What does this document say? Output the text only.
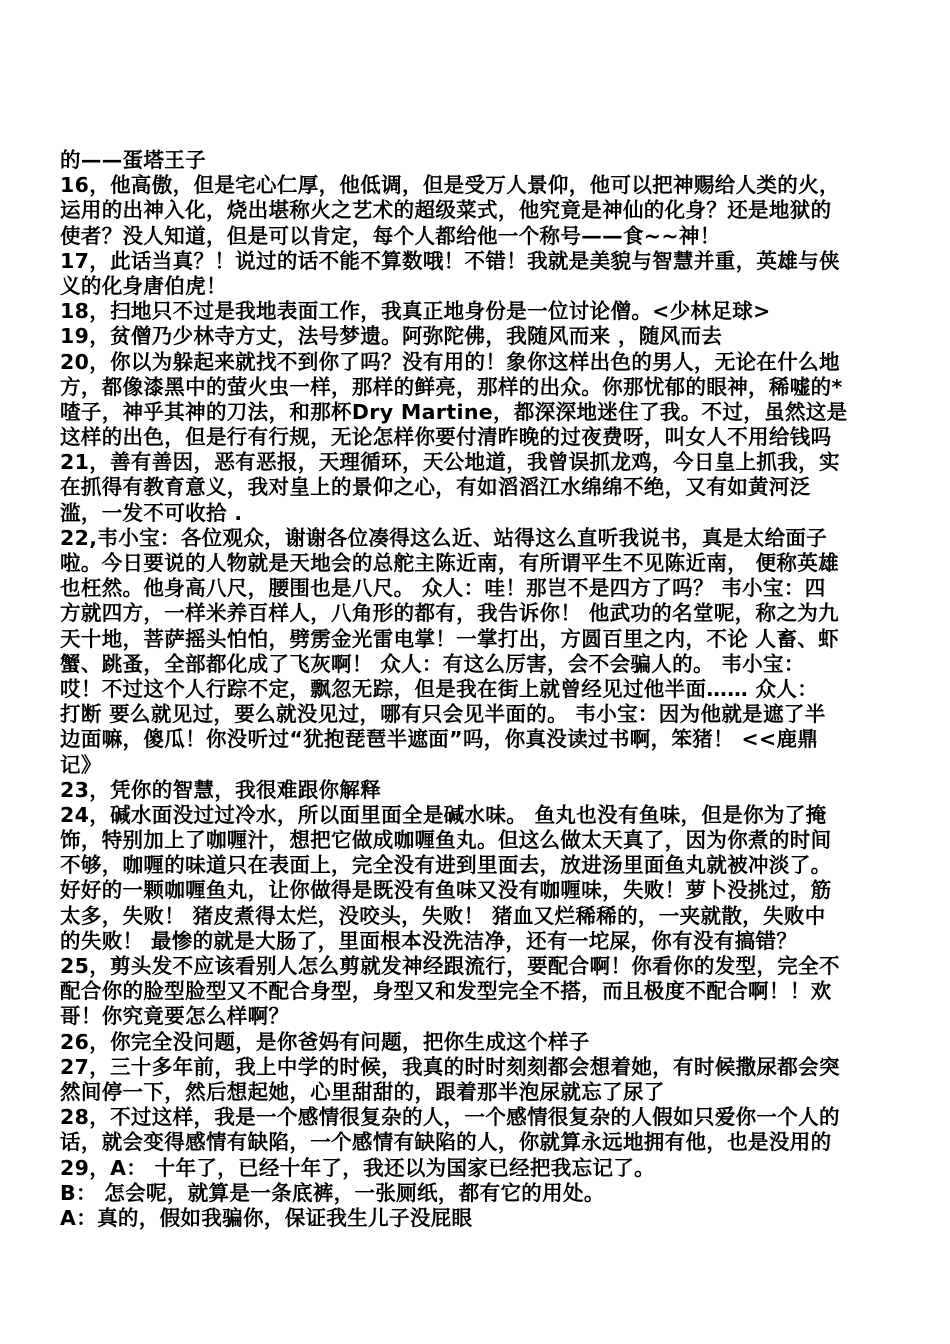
的——蛋塔王子
16，他高傲，但是宅心仁厚，他低调，但是受万人景仰，他可以把神赐给人类的火，
运用的出神入化，烧出堪称火之艺术的超级菜式，他究竟是神仙的化身？还是地狱的
使者？没人知道，但是可以肯定，每个人都给他一个称号——食~~神！
17，此话当真？！说过的话不能不算数哦！不错！我就是美貌与智慧并重，英雄与侠
义的化身唐伯虎！
18，扫地只不过是我地表面工作，我真正地身份是一位讨论僧。<少林足球>
19，贫僧乃少林寺方丈，法号梦遗。阿弥陀佛，我随风而来 ，随风而去
20，你以为躲起来就找不到你了吗？没有用的！象你这样出色的男人，无论在什么地
方，都像漆黑中的萤火虫一样，那样的鲜亮，那样的出众。你那忧郁的眼神，稀嘘的*
喳子，神乎其神的刀法，和那杯Dry Martine，都深深地迷住了我。不过，虽然这是
这样的出色，但是行有行规，无论怎样你要付清昨晚的过夜费呀，叫女人不用给钱吗
21，善有善因，恶有恶报，天理循环，天公地道，我曾误抓龙鸡，今日皇上抓我，实
在抓得有教育意义，我对皇上的景仰之心，有如滔滔江水绵绵不绝，又有如黄河泛
滥，一发不可收拾 .
22,韦小宝：各位观众，谢谢各位凑得这么近、站得这么直听我说书，真是太给面子
啦。今日要说的人物就是天地会的总舵主陈近南，有所谓平生不见陈近南， 便称英雄
也枉然。他身高八尺，腰围也是八尺。 众人：哇！那岂不是四方了吗？ 韦小宝：四
方就四方，一样米养百样人，八角形的都有，我告诉你！ 他武功的名堂呢，称之为九
天十地，菩萨摇头怕怕，劈雳金光雷电掌！一掌打出，方圆百里之内，不论 人畜、虾
蟹、跳蚤，全部都化成了飞灰啊！ 众人：有这么厉害，会不会骗人的。 韦小宝：
哎！不过这个人行踪不定，飘忽无踪，但是我在街上就曾经见过他半面…… 众人：
打断 要么就见过，要么就没见过，哪有只会见半面的。 韦小宝：因为他就是遮了半
边面嘛，傻瓜！你没听过“犹抱琵琶半遮面”吗，你真没读过书啊，笨猪！ <<鹿鼎
记》
23，凭你的智慧，我很难跟你解释
24，碱水面没过过冷水，所以面里面全是碱水味。 鱼丸也没有鱼味，但是你为了掩
饰，特别加上了咖喱汁，想把它做成咖喱鱼丸。但这么做太天真了，因为你煮的时间
不够，咖喱的味道只在表面上，完全没有进到里面去，放进汤里面鱼丸就被冲淡了。
好好的一颗咖喱鱼丸，让你做得是既没有鱼味又没有咖喱味，失败！萝卜没挑过，筋
太多，失败！ 猪皮煮得太烂，没咬头，失败！ 猪血又烂稀稀的，一夹就散，失败中
的失败！ 最惨的就是大肠了，里面根本没洗洁净，还有一坨屎，你有没有搞错？
25，剪头发不应该看别人怎么剪就发神经跟流行，要配合啊！你看你的发型，完全不
配合你的脸型脸型又不配合身型，身型又和发型完全不搭，而且极度不配合啊！！欢
哥！你究竟要怎么样啊？
26，你完全没问题，是你爸妈有问题，把你生成这个样子
27，三十多年前，我上中学的时候，我真的时时刻刻都会想着她，有时候撒尿都会突
然间停一下，然后想起她，心里甜甜的，跟着那半泡尿就忘了尿了
28，不过这样，我是一个感情很复杂的人，一个感情很复杂的人假如只爱你一个人的
话，就会变得感情有缺陷，一个感情有缺陷的人，你就算永远地拥有他，也是没用的
29，A： 十年了，已经十年了，我还以为国家已经把我忘记了。
B： 怎会呢，就算是一条底裤，一张厕纸，都有它的用处。
A：真的，假如我骗你，保证我生儿子没屁眼
